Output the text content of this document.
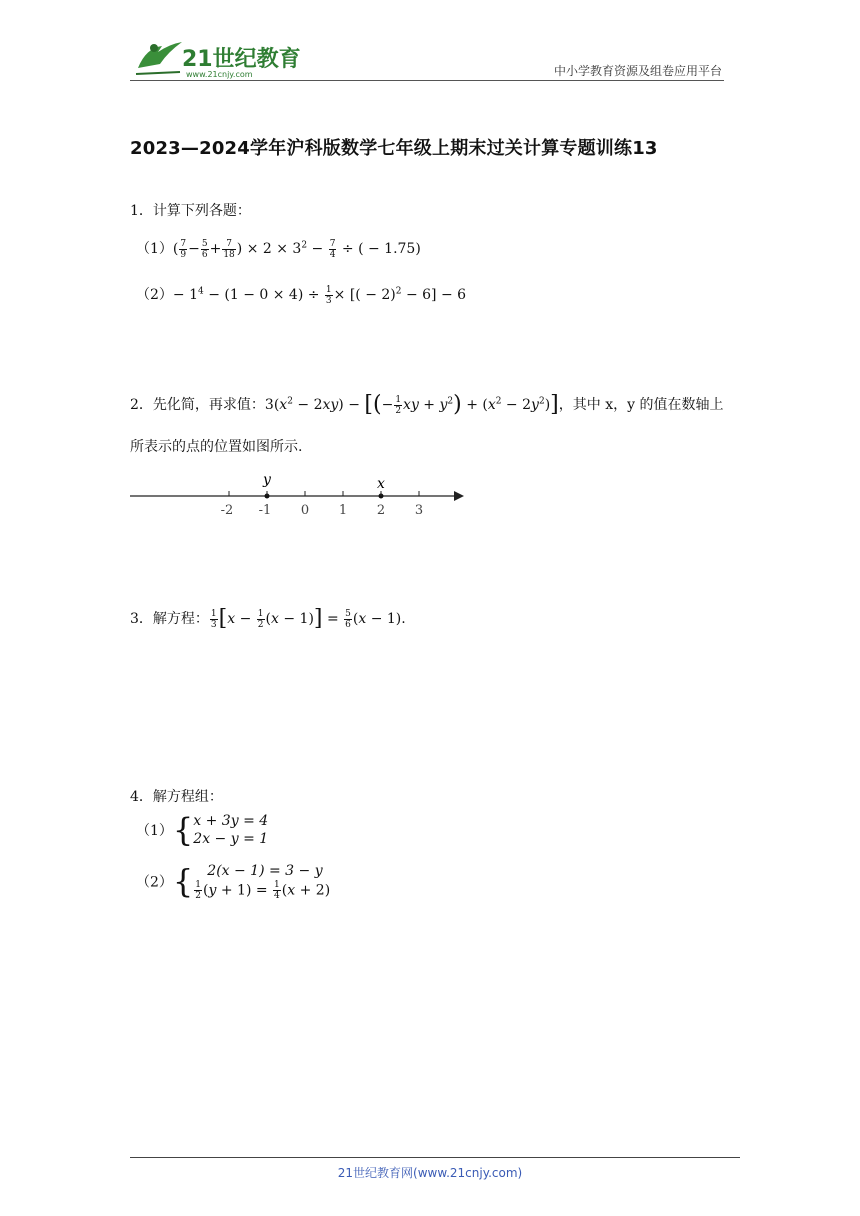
21世纪教育
www.21cnjy.com	中小学教育资源及组卷应用平台
2023—2024学年沪科版数学七年级上期末过关计算专题训练13
1．计算下列各题：
$(1)( \frac{7}{9} - \frac{5}{6} + \frac{7}{18}$ ) × $2 \times 3^2 - \frac{7}{4}$ ÷ ( − 1.75)
$(2)- 1^4 - (1 - 0 \times 4) \div \frac{1}{3}$ × [( − 2)$^2$ − 6] − 6
2．先化简，再求值：$3(x^2 - 2xy)$ − [(− $\frac{1}{2}$ xy + $y^2) + (x^2 - 2y^2)$]，其中 x，y 的值在数轴上
所表示的点的位置如图所示.
y	x
-2 -1 0 1 2 3
3．解方程： $\frac{1}{3} [x - \frac{1}{2} (x - 1)] = \frac{5}{6} (x - 1)$.
4．解方程组：
（1）{ x + 3y = 4
2x − y = 1
（2）{	2(x − 1) = 3 − y
$\frac{1}{2} (y + 1) = \frac{1}{4} (x + 2)$
21世纪教育网(www.21cnjy.com)
